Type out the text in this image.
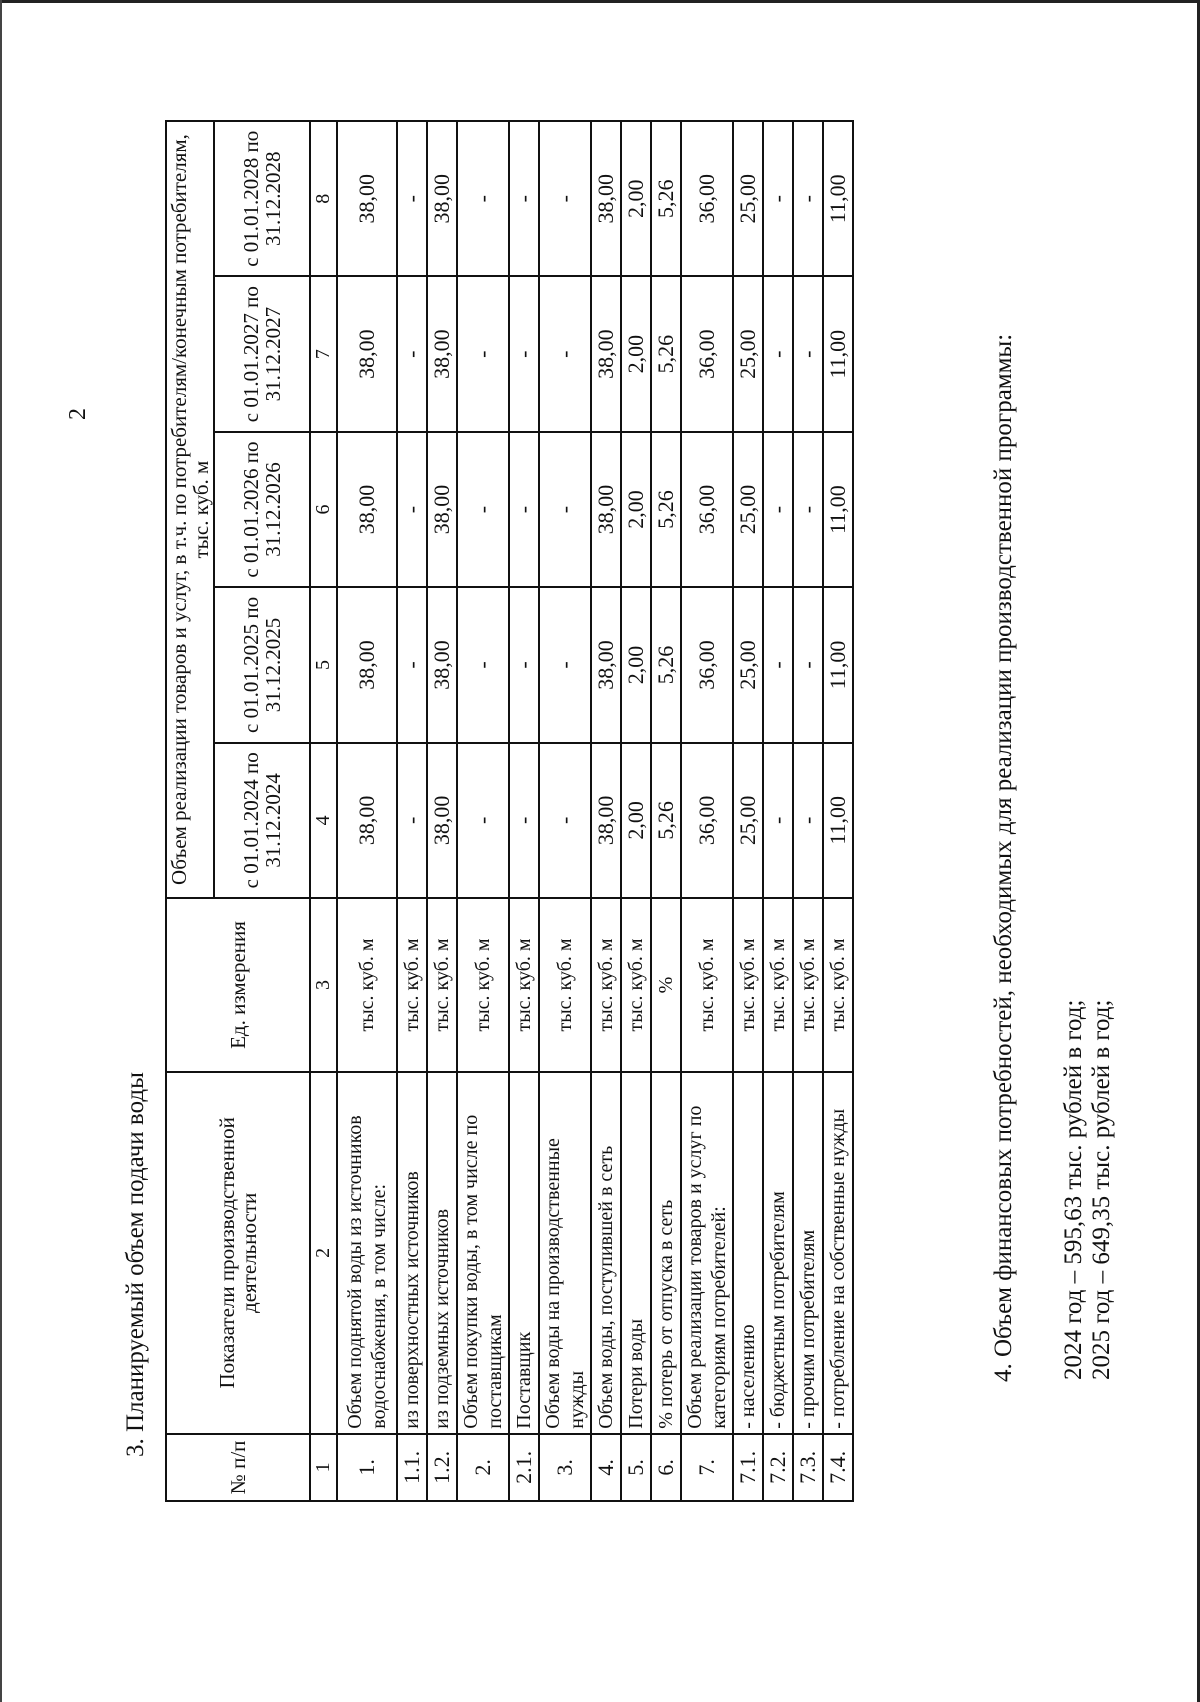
2
3. Планируемый объем подачи воды
№ п/п	Показатели производственной деятельности	Ед. измерения	Объем реализации товаров и услуг, в т.ч. по потребителям/конечным потребителям, тыс. куб. м				
			с 01.01.2024 по 31.12.2024	с 01.01.2025 по 31.12.2025	с 01.01.2026 по 31.12.2026	с 01.01.2027 по 31.12.2027	с 01.01.2028 по 31.12.2028
1	2	3	4	5	6	7	8
1.	Объем поднятой воды из источников водоснабжения, в том числе:	тыс. куб. м	38,00	38,00	38,00	38,00	38,00
1.1.	из поверхностных источников	тыс. куб. м	-	-	-	-	-
1.2.	из подземных источников	тыс. куб. м	38,00	38,00	38,00	38,00	38,00
2.	Объем покупки воды, в том числе по поставщикам	тыс. куб. м	-	-	-	-	-
2.1.	Поставщик	тыс. куб. м	-	-	-	-	-
3.	Объем воды на производственные нужды	тыс. куб. м	-	-	-	-	-
4.	Объем воды, поступившей в сеть	тыс. куб. м	38,00	38,00	38,00	38,00	38,00
5.	Потери воды	тыс. куб. м	2,00	2,00	2,00	2,00	2,00
6.	% потерь от отпуска в сеть	%	5,26	5,26	5,26	5,26	5,26
7.	Объем реализации товаров и услуг по категориям потребителей:	тыс. куб. м	36,00	36,00	36,00	36,00	36,00
7.1.	- населению	тыс. куб. м	25,00	25,00	25,00	25,00	25,00
7.2.	- бюджетным потребителям	тыс. куб. м	-	-	-	-	-
7.3.	- прочим потребителям	тыс. куб. м	-	-	-	-	-
7.4.	- потребление на собственные нужды	тыс. куб. м	11,00	11,00	11,00	11,00	11,00
4. Объем финансовых потребностей, необходимых для реализации производственной программы: 2024 год – 595,63 тыс. рублей в год; 2025 год – 649,35 тыс. рублей в год;
